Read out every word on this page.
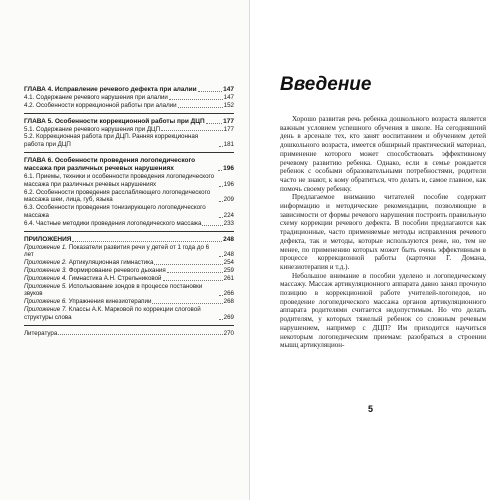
ГЛАВА 4. Исправление речевого дефекта при алалии	147
4.1. Содержание речевого нарушения при алалии	147
4.2. Особенности коррекционной работы при алалии	152
ГЛАВА 5. Особенности коррекционной работы при ДЦП	177
5.1. Содержание речевого нарушения при ДЦП	177
5.2. Коррекционная работа при ДЦП. Ранняя коррекционная работа при ДЦП	181
ГЛАВА 6. Особенности проведения логопедического массажа при различных речевых нарушениях	196
6.1. Приемы, техники и особенности проведения логопедического массажа при различных речевых нарушениях	196
6.2. Особенности проведения расслабляющего логопедического массажа шеи, лица, губ, языка	209
6.3. Особенности проведения тонизирующего логопедического массажа	224
6.4. Частные методики проведения логопедического массажа	233
ПРИЛОЖЕНИЯ	248
Приложение 1. Показатели развития речи у детей от 1 года до 6 лет	248
Приложение 2. Артикуляционная гимнастика	254
Приложение 3. Формирование речевого дыхания	259
Приложение 4. Гимнастика А.Н. Стрельниковой	261
Приложение 5. Использование зондов в процессе постановки звуков	266
Приложение 6. Упражнения кинезиотерапии	268
Приложение 7. Классы А.К. Марковой по коррекции слоговой структуры слова	269
Литература	270
Введение

Хорошо развитая речь ребенка дошкольного возраста является важным условием успешного обучения в школе. На сегодняшний день в арсенале тех, кто занят воспитанием и обучением детей дошкольного возраста, имеется обширный практический материал, применение которого может способствовать эффективному речевому развитию ребенка. Однако, если в семье рождается ребенок с особыми образовательными потребностями, родители часто не знают, к кому обратиться, что делать и, самое главное, как помочь своему ребенку.

Предлагаемое вниманию читателей пособие содержит информацию и методические рекомендации, позволяющие в зависимости от формы речевого нарушения построить правильную схему коррекции речевого дефекта. В пособии предлагаются как традиционные, часто применяемые методы исправления речевого дефекта, так и методы, которые используются реже, но, тем не менее, по применению которых может быть очень эффективным в процессе коррекционной работы (карточки Г. Домана, кинезиотерапия и т.д.).

Небольшое внимание в пособии уделено и логопедическому массажу. Массаж артикуляционного аппарата давно занял прочную позицию в коррекционной работе учителей-логопедов, но проведение логопедического массажа органов артикуляционного аппарата родителями считается недопустимым. Но что делать родителям, у которых тяжелый ребенок со сложным речевым нарушением, например с ДЦП? Им приходится научиться некоторым логопедическим приемам: разобраться в строении мышц артикуляцион-

5
